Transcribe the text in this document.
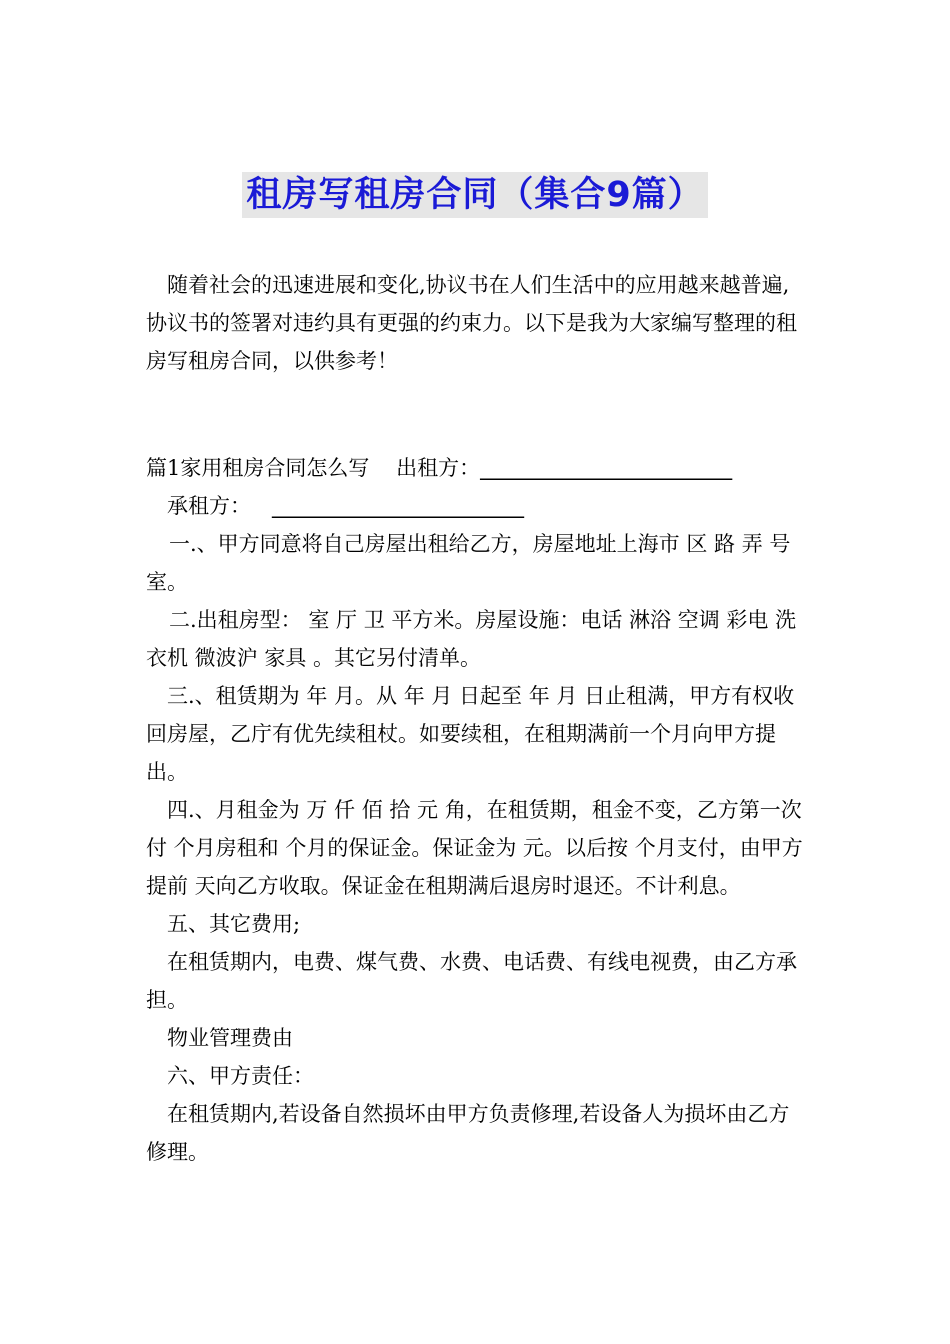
租房写租房合同（集合9篇）

随着社会的迅速进展和变化,协议书在人们生活中的应用越来越普遍,协议书的签署对违约具有更强的约束力。以下是我为大家编写整理的租房写租房合同，以供参考！

篇1家用租房合同怎么写 出租方：________________________

承租方： ________________________

一.、甲方同意将自己房屋出租给乙方，房屋地址上海市 区 路 弄 号 室。

二.出租房型： 室 厅 卫 平方米。房屋设施：电话 淋浴 空调 彩电 洗衣机 微波沪 家具 。其它另付清单。

三.、租赁期为 年 月。从 年 月 日起至 年 月 日止租满，甲方有权收回房屋，乙庁有优先续租杖。如要续租，在租期满前一个月向甲方提出。

四.、月租金为 万 仟 佰 拾 元 角，在租赁期，租金不变，乙方第一次付 个月房租和 个月的保证金。保证金为 元。以后按 个月支付，由甲方提前 天向乙方收取。保证金在租期满后退房时退还。不计利息。

五、其它费用;

在租赁期内，电费、煤气费、水费、电话费、有线电视费，由乙方承担。

物业管理费由

六、甲方责任：

在租赁期内,若设备自然损坏由甲方负责修理,若设备人为损坏由乙方修理。
